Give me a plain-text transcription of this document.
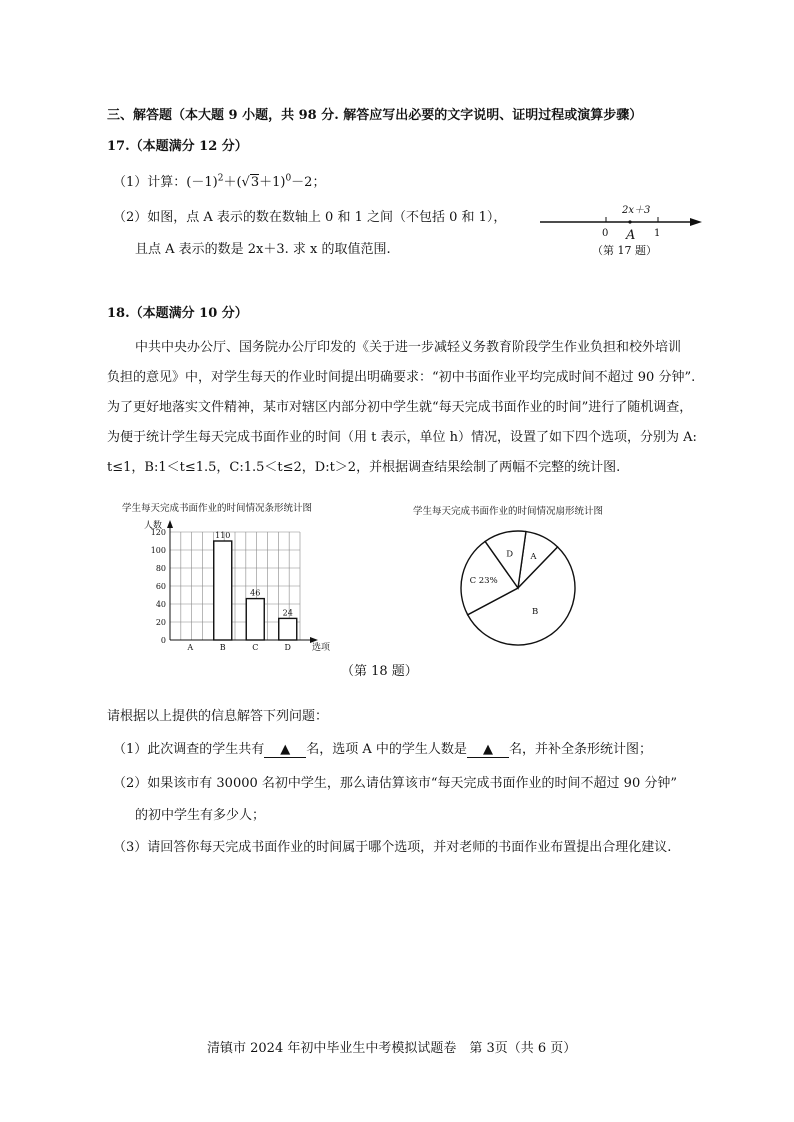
三、解答题（本大题 9 小题，共 98 分. 解答应写出必要的文字说明、证明过程或演算步骤）
17.（本题满分 12 分）
（1）计算：$(-1)^2+(√3+1)^0-2$；
（2）如图，点 A 表示的数在数轴上 0 和 1 之间（不包括 0 和 1），
且点 A 表示的数是 2x＋3. 求 x 的取值范围.
2x＋3
0	1
A
（第 17 题）
18.（本题满分 10 分）
中共中央办公厅、国务院办公厅印发的《关于进一步减轻义务教育阶段学生作业负担和校外培训
负担的意见》中，对学生每天的作业时间提出明确要求：“初中书面作业平均完成时间不超过 90 分钟”.
为了更好地落实文件精神，某市对辖区内部分初中学生就“每天完成书面作业的时间”进行了随机调查，
为便于统计学生每天完成书面作业的时间（用 t 表示，单位 h）情况，设置了如下四个选项，分别为 A:
t≤1，B:1＜t≤1.5，C:1.5＜t≤2，D:t＞2，并根据调查结果绘制了两幅不完整的统计图.
学生每天完成书面作业的时间情况条形统计图
人数
选项
0
20
40
60
80
100
120
A
110
B
46
C
24
D
学生每天完成书面作业的时间情况扇形统计图
A
B
C 23%
D
（第 18 题）
请根据以上提供的信息解答下列问题：
（1）此次调查的学生共有 ▲ 名，选项 A 中的学生人数是 ▲ 名，并补全条形统计图；
（2）如果该市有 30000 名初中学生，那么请估算该市“每天完成书面作业的时间不超过 90 分钟”
的初中学生有多少人；
（3）请回答你每天完成书面作业的时间属于哪个选项，并对老师的书面作业布置提出合理化建议.
清镇市 2024 年初中毕业生中考模拟试题卷　第 3页（共 6 页）
